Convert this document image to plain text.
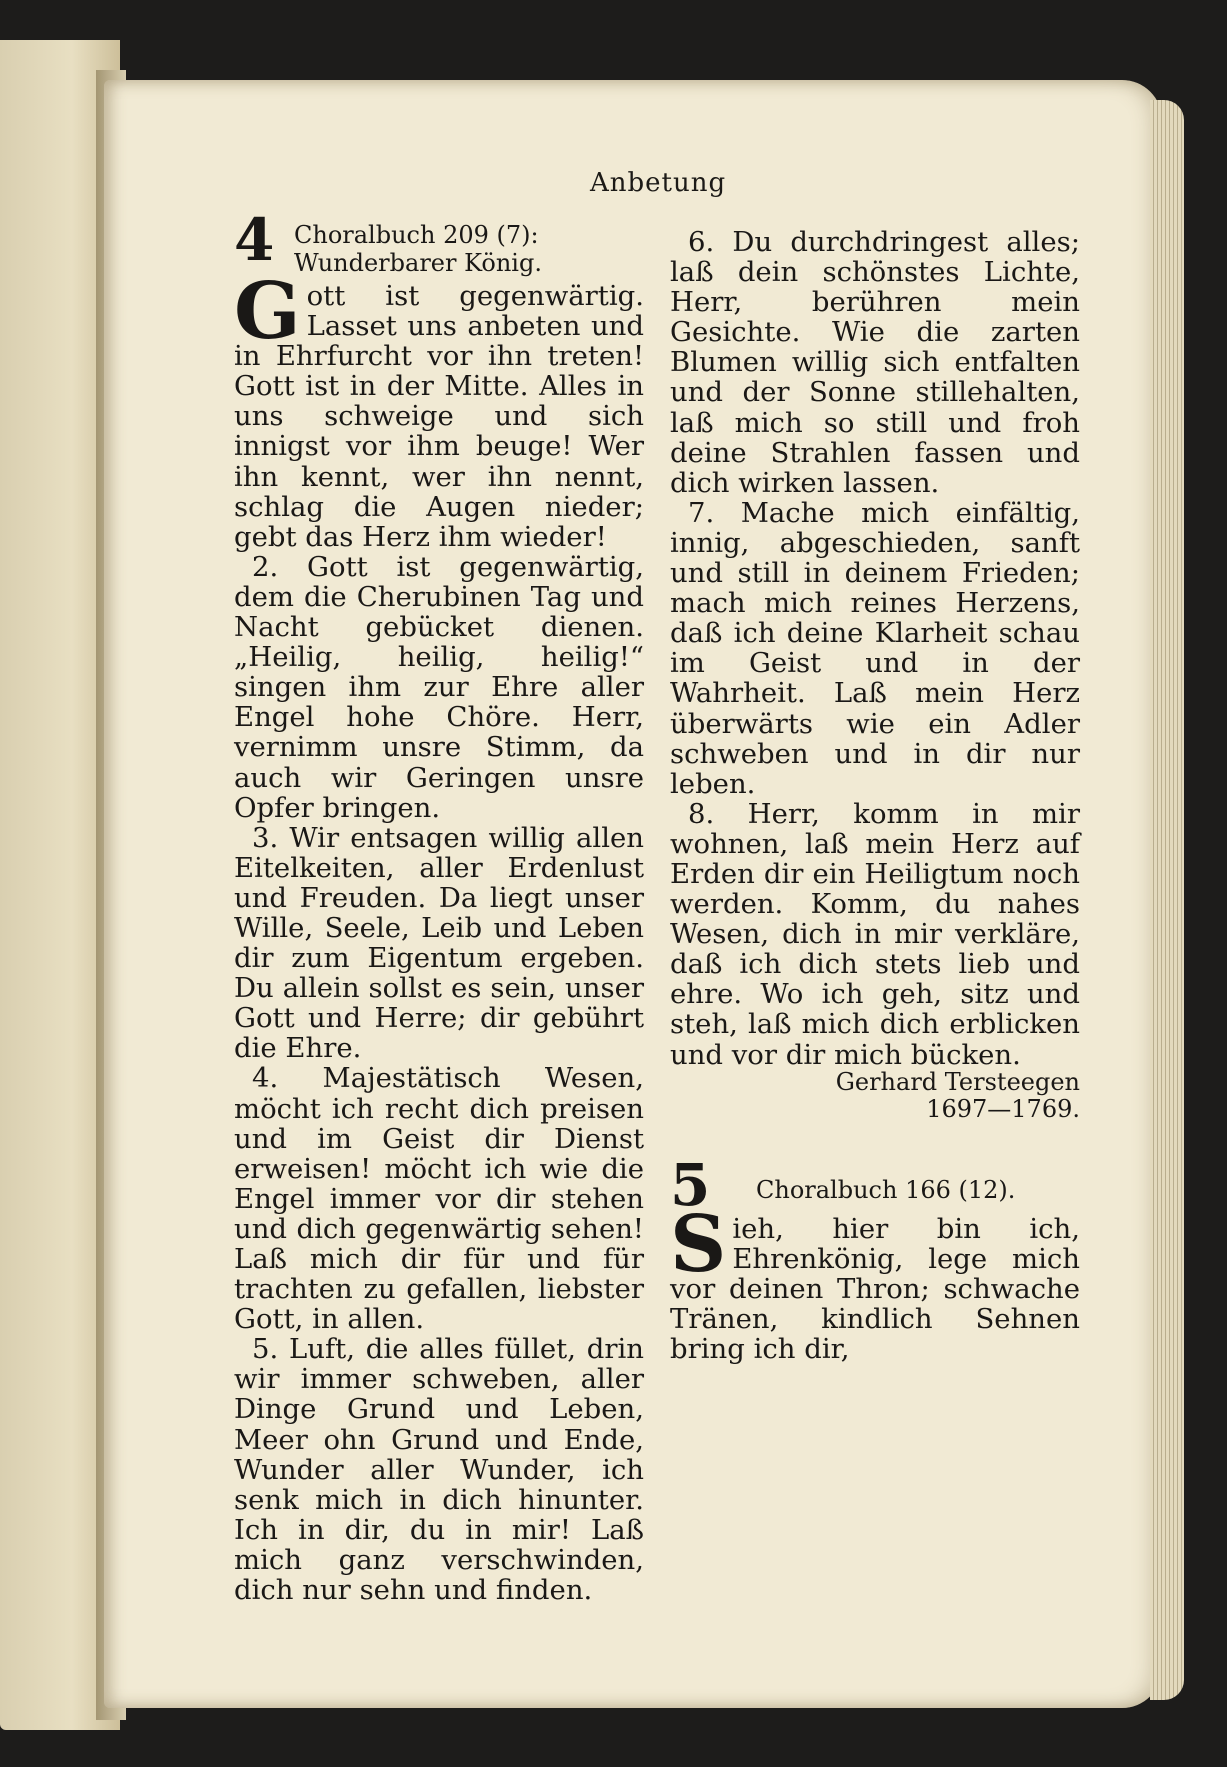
Anbetung
4 Choralbuch 209 (7):
Wunderbarer König.

Gott ist gegenwärtig. Lasset uns anbeten und in Ehrfurcht vor ihn treten! Gott ist in der Mitte. Alles in uns schweige und sich innigst vor ihm beuge! Wer ihn kennt, wer ihn nennt, schlag die Augen nieder; gebt das Herz ihm wieder!

2. Gott ist gegenwärtig, dem die Cherubinen Tag und Nacht gebücket dienen. „Heilig, heilig, heilig!“ singen ihm zur Ehre aller Engel hohe Chöre. Herr, vernimm unsre Stimm, da auch wir Geringen unsre Opfer bringen.

3. Wir entsagen willig allen Eitelkeiten, aller Erdenlust und Freuden. Da liegt unser Wille, Seele, Leib und Leben dir zum Eigentum ergeben. Du allein sollst es sein, unser Gott und Herre; dir gebührt die Ehre.

4. Majestätisch Wesen, möcht ich recht dich preisen und im Geist dir Dienst erweisen! möcht ich wie die Engel immer vor dir stehen und dich gegenwärtig sehen! Laß mich dir für und für trachten zu gefallen, liebster Gott, in allen.

5. Luft, die alles füllet, drin wir immer schweben, aller Dinge Grund und Leben, Meer ohn Grund und Ende, Wunder aller Wunder, ich senk mich in dich hinunter. Ich in dir, du in mir! Laß mich ganz verschwinden, dich nur sehn und finden.

6. Du durchdringest alles; laß dein schönstes Lichte, Herr, berühren mein Gesichte. Wie die zarten Blumen willig sich entfalten und der Sonne stillehalten, laß mich so still und froh deine Strahlen fassen und dich wirken lassen.

7. Mache mich einfältig, innig, abgeschieden, sanft und still in deinem Frieden; mach mich reines Herzens, daß ich deine Klarheit schau im Geist und in der Wahrheit. Laß mein Herz überwärts wie ein Adler schweben und in dir nur leben.

8. Herr, komm in mir wohnen, laß mein Herz auf Erden dir ein Heiligtum noch werden. Komm, du nahes Wesen, dich in mir verkläre, daß ich dich stets lieb und ehre. Wo ich geh, sitz und steh, laß mich dich erblicken und vor dir mich bücken.

Gerhard Tersteegen
1697—1769.
5	Choralbuch 166 (12).

Sieh, hier bin ich, Ehrenkönig, lege mich vor deinen Thron; schwache Tränen, kindlich Sehnen bring ich dir,
